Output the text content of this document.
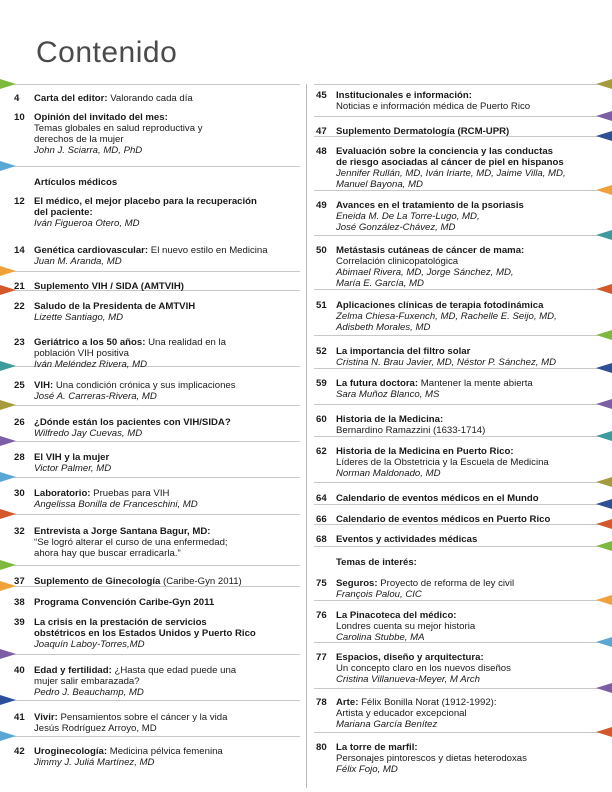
Contenido
4 Carta del editor: Valorando cada día
10 Opinión del invitado del mes:
Temas globales en salud reproductiva y
derechos de la mujer
John J. Sciarra, MD, PhD
Artículos médicos
12 El médico, el mejor placebo para la recuperación
del paciente:
Iván Figueroa Otero, MD
14 Genética cardiovascular: El nuevo estilo en Medicina
Juan M. Aranda, MD
21 Suplemento VIH / SIDA (AMTVIH)
22 Saludo de la Presidenta de AMTVIH
Lizette Santiago, MD
23 Geriátrico a los 50 años: Una realidad en la
población VIH positiva
Iván Meléndez Rivera, MD
25 VIH: Una condición crónica y sus implicaciones
José A. Carreras-Rivera, MD
26 ¿Dónde están los pacientes con VIH/SIDA?
Wilfredo Jay Cuevas, MD
28 El VIH y la mujer
Victor Palmer, MD
30 Laboratorio: Pruebas para VIH
Angelissa Bonilla de Franceschini, MD
32 Entrevista a Jorge Santana Bagur, MD:
“Se logró alterar el curso de una enfermedad;
ahora hay que buscar erradicarla.”
37 Suplemento de Ginecología (Caribe-Gyn 2011)
38 Programa Convención Caribe-Gyn 2011
39 La crisis en la prestación de servicios
obstétricos en los Estados Unidos y Puerto Rico
Joaquín Laboy-Torres,MD
40 Edad y fertilidad: ¿Hasta que edad puede una
mujer salir embarazada?
Pedro J. Beauchamp, MD
41 Vivir: Pensamientos sobre el cáncer y la vida
Jesús Rodríguez Arroyo, MD
42 Uroginecología: Medicina pélvica femenina
Jimmy J. Juliá Martínez, MD
45 Institucionales e información:
Noticias e información médica de Puerto Rico
47 Suplemento Dermatología (RCM-UPR)
48 Evaluación sobre la conciencia y las conductas
de riesgo asociadas al cáncer de piel en hispanos
Jennifer Rullán, MD, Iván Iriarte, MD, Jaime Villa, MD,
Manuel Bayona, MD
49 Avances en el tratamiento de la psoriasis
Eneida M. De La Torre-Lugo, MD,
José González-Chávez, MD
50 Metástasis cutáneas de cáncer de mama:
Correlación clinicopatológica
Abimael Rivera, MD, Jorge Sánchez, MD,
María E. García, MD
51 Aplicaciones clínicas de terapia fotodinámica
Zelma Chiesa-Fuxench, MD, Rachelle E. Seijo, MD,
Adisbeth Morales, MD
52 La importancia del filtro solar
Cristina N. Brau Javier, MD, Néstor P. Sánchez, MD
59 La futura doctora: Mantener la mente abierta
Sara Muñoz Blanco, MS
60 Historia de la Medicina:
Bernardino Ramazzini (1633-1714)
62 Historia de la Medicina en Puerto Rico:
Líderes de la Obstetricia y la Escuela de Medicina
Norman Maldonado, MD
64 Calendario de eventos médicos en el Mundo
66 Calendario de eventos médicos en Puerto Rico
68 Eventos y actividades médicas
Temas de interés:
75 Seguros: Proyecto de reforma de ley civil
François Palou, CIC
76 La Pinacoteca del médico:
Londres cuenta su mejor historia
Carolina Stubbe, MA
77 Espacios, diseño y arquitectura:
Un concepto claro en los nuevos diseños
Cristina Villanueva-Meyer, M Arch
78 Arte: Félix Bonilla Norat (1912-1992):
Artista y educador excepcional
Mariana García Benítez
80 La torre de marfil:
Personajes pintorescos y dietas heterodoxas
Félix Fojo, MD
